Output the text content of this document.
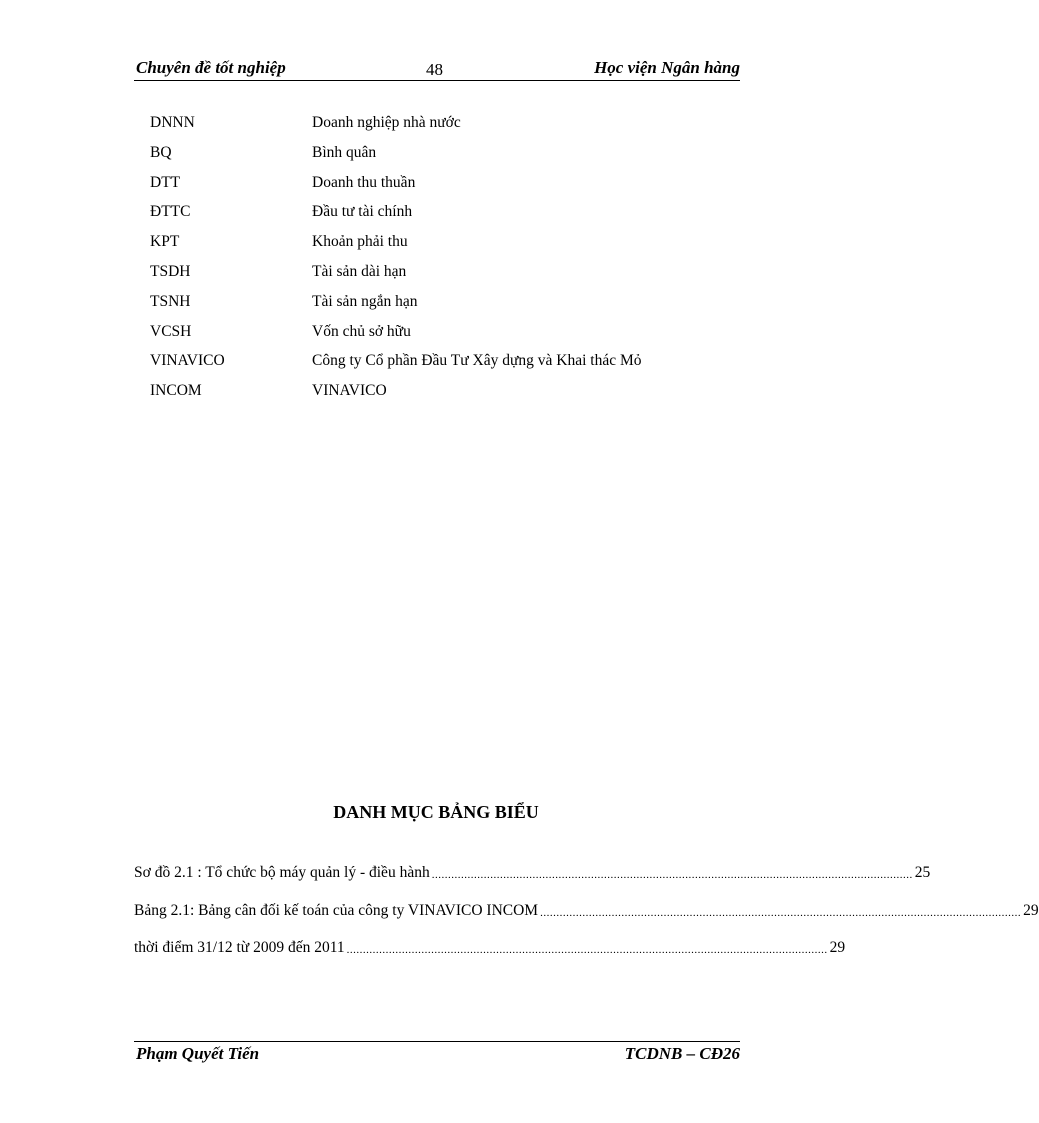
Chuyên đề tốt nghiệp	48	Học viện Ngân hàng
DNNN	Doanh nghiệp nhà nước
BQ	Bình quân
DTT	Doanh thu thuần
ĐTTC	Đầu tư tài chính
KPT	Khoản phải thu
TSDH	Tài sản dài hạn
TSNH	Tài sản ngắn hạn
VCSH	Vốn chủ sở hữu
VINAVICO	Công ty Cổ phần Đầu Tư Xây dựng và Khai thác Mỏ
INCOM	VINAVICO
DANH MỤC BẢNG BIỂU
Sơ đồ 2.1 : Tổ chức bộ máy quản lý - điều hành .................................................................................................................................................... 25
Bảng 2.1: Bảng cân đối kế toán của công ty VINAVICO INCOM .................................................................................................................................................... 29
thời điểm 31/12 từ 2009 đến 2011 .................................................................................................................................................... 29
Phạm Quyết Tiến	TCDNB – CĐ26
